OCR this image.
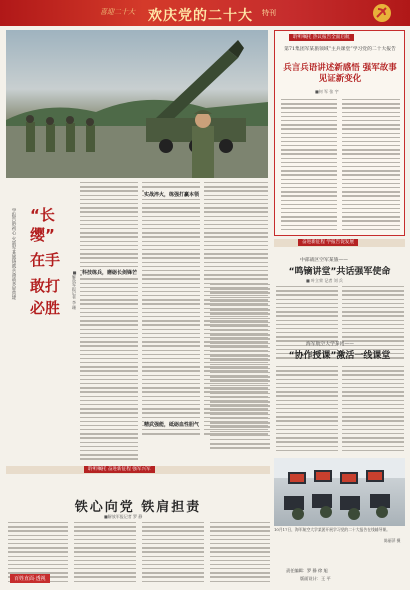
喜迎二十大 欢庆党的二十大 特刊
“长
缨”
在手
敢打
必胜
学报告聆初心 火箭军某旅铸就兵备战多屏营建	■解放军报记者 李 珊
实战淬火，练强打赢本领
科技练兵，磨砺长剑锋芒
精武强能，砥砺血性胆气
聆听嘱托 热议报告全面启航
第71集团军某旅领域“主兵课堂”学习党的二十大报告
兵言兵语讲述新感悟 强军故事见证新变化
■何 军 张 宇
奋进新征程 学报告促发展
中部战区空军某旅——
“鸣镝讲堂”共话强军使命
■ 叶立荣 记者 刘 兵
海军航空大学某团——
“协作授课”激活一线课堂
10月17日，海军航空大学某团开展学习党的二十大报告在线辅导课。
陈丽萍 摄
聆听嘱托 奋进新征程 强军兴军
铁心向党 铁肩担责
■解放军报记者 罗 静
百姓直面·透视
责任编辑：罗 静 徐 旭
版面设计：王 平
